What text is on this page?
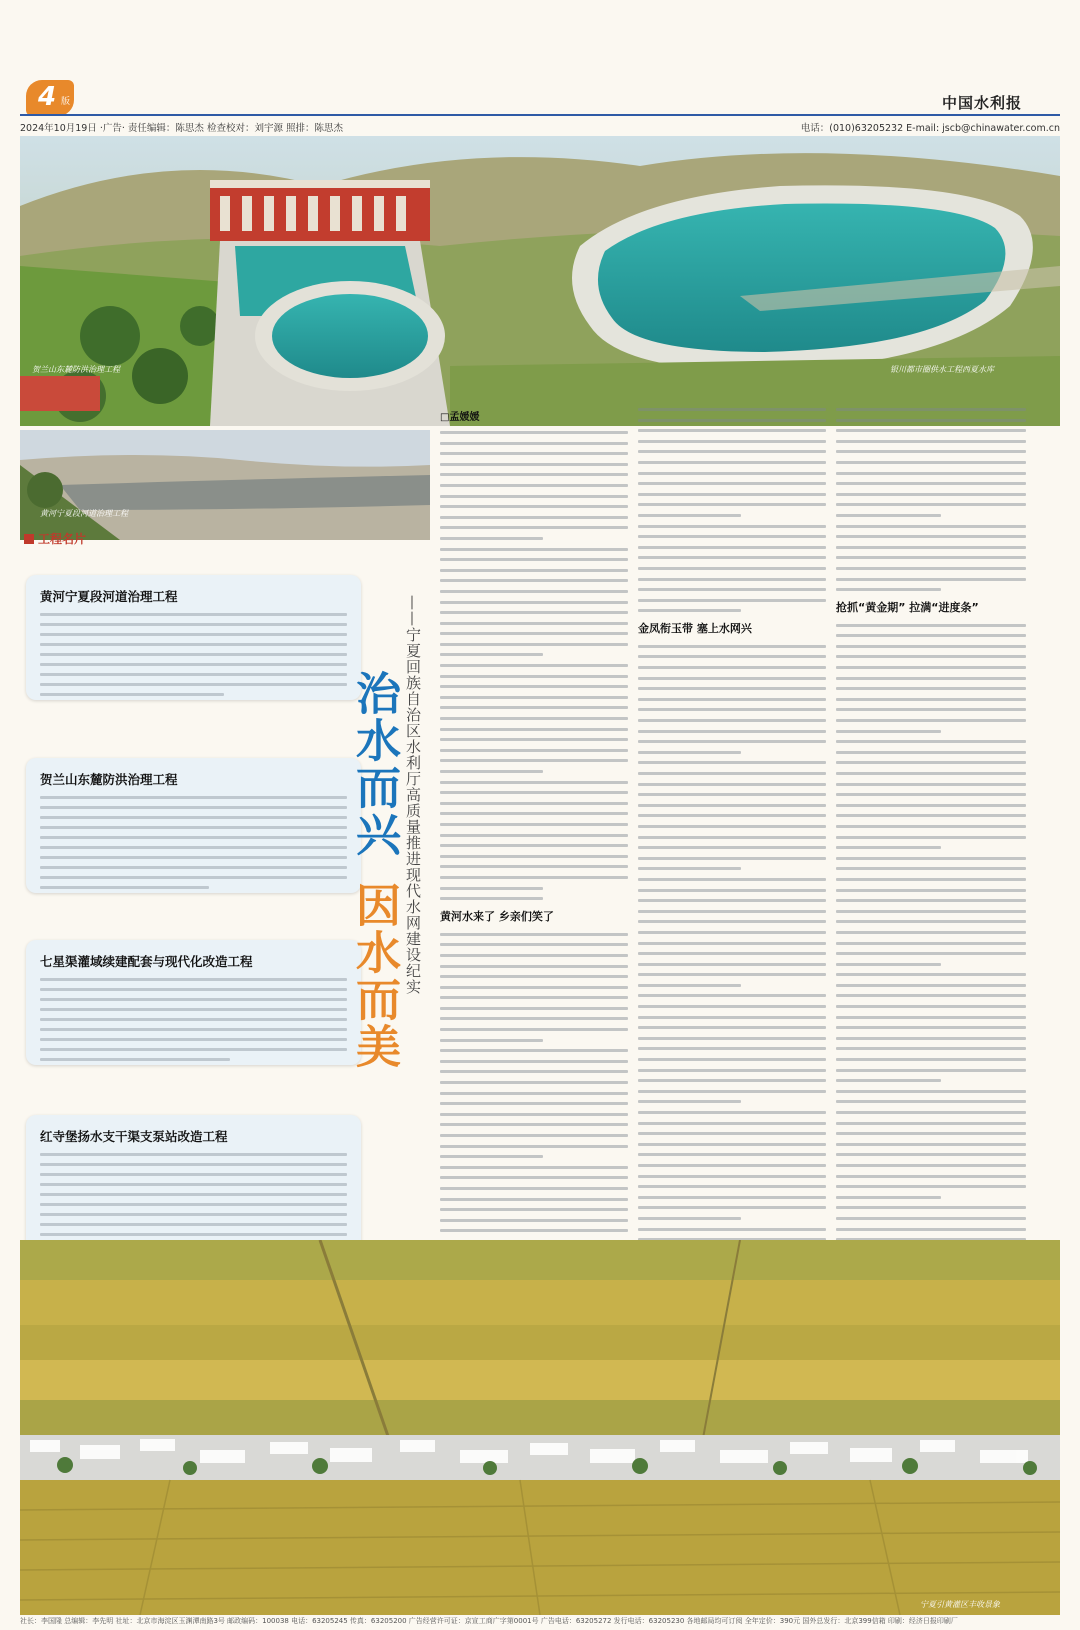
4 版	中国水利报
2024年10月19日 ·广告· 责任编辑：陈思杰 检查校对：刘宇源 照排：陈思杰	电话：(010)63205232 E-mail: jscb@chinawater.com.cn
贺兰山东麓防洪治理工程	银川都市圈供水工程西夏水库
黄河宁夏段河道治理工程
工程名片
黄河宁夏段河道治理工程
贺兰山东麓防洪治理工程
七星渠灌域续建配套与现代化改造工程
红寺堡扬水支干渠支泵站改造工程
治水而兴因水而美 ——宁夏回族自治区水利厅高质量推进现代水网建设纪实
□孟媛媛
黄河水来了 乡亲们笑了
金凤衔玉带 塞上水网兴
抢抓“黄金期” 拉满“进度条”
宁夏引黄灌区丰收景象
社长：李国隆 总编辑：李先明 社址：北京市海淀区玉渊潭南路3号 邮政编码：100038 电话：63205245 传真：63205200 广告经营许可证：京宣工商广字第0001号 广告电话：63205272 发行电话：63205230 各地邮局均可订阅 全年定价：390元 国外总发行：北京399信箱 印刷：经济日报印刷厂
